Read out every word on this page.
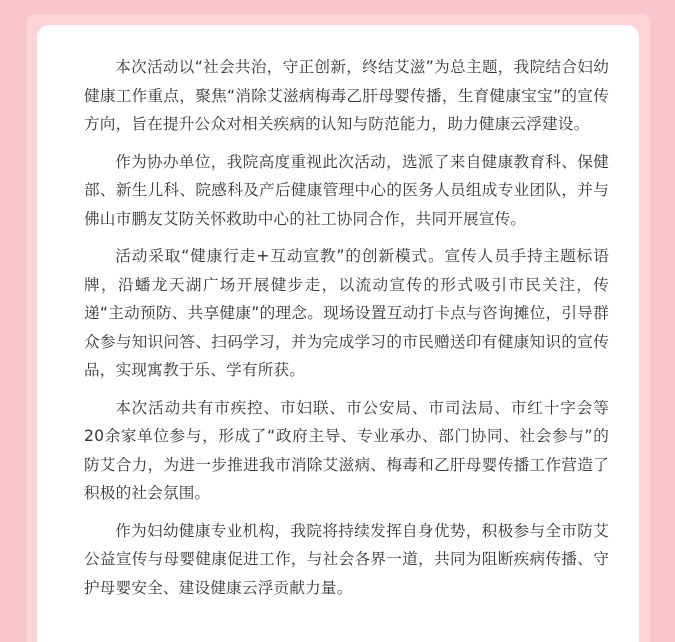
本次活动以“社会共治，守正创新，终结艾滋”为总主题，我院结合妇幼健康工作重点，聚焦“消除艾滋病梅毒乙肝母婴传播，生育健康宝宝”的宣传方向，旨在提升公众对相关疾病的认知与防范能力，助力健康云浮建设。

作为协办单位，我院高度重视此次活动，选派了来自健康教育科、保健部、新生儿科、院感科及产后健康管理中心的医务人员组成专业团队，并与佛山市鹏友艾防关怀救助中心的社工协同合作，共同开展宣传。

活动采取“健康行走+互动宣教”的创新模式。宣传人员手持主题标语牌，沿蟠龙天湖广场开展健步走，以流动宣传的形式吸引市民关注，传递“主动预防、共享健康”的理念。现场设置互动打卡点与咨询摊位，引导群众参与知识问答、扫码学习，并为完成学习的市民赠送印有健康知识的宣传品，实现寓教于乐、学有所获。

本次活动共有市疾控、市妇联、市公安局、市司法局、市红十字会等20余家单位参与，形成了“政府主导、专业承办、部门协同、社会参与”的防艾合力，为进一步推进我市消除艾滋病、梅毒和乙肝母婴传播工作营造了积极的社会氛围。

作为妇幼健康专业机构，我院将持续发挥自身优势，积极参与全市防艾公益宣传与母婴健康促进工作，与社会各界一道，共同为阻断疾病传播、守护母婴安全、建设健康云浮贡献力量。
